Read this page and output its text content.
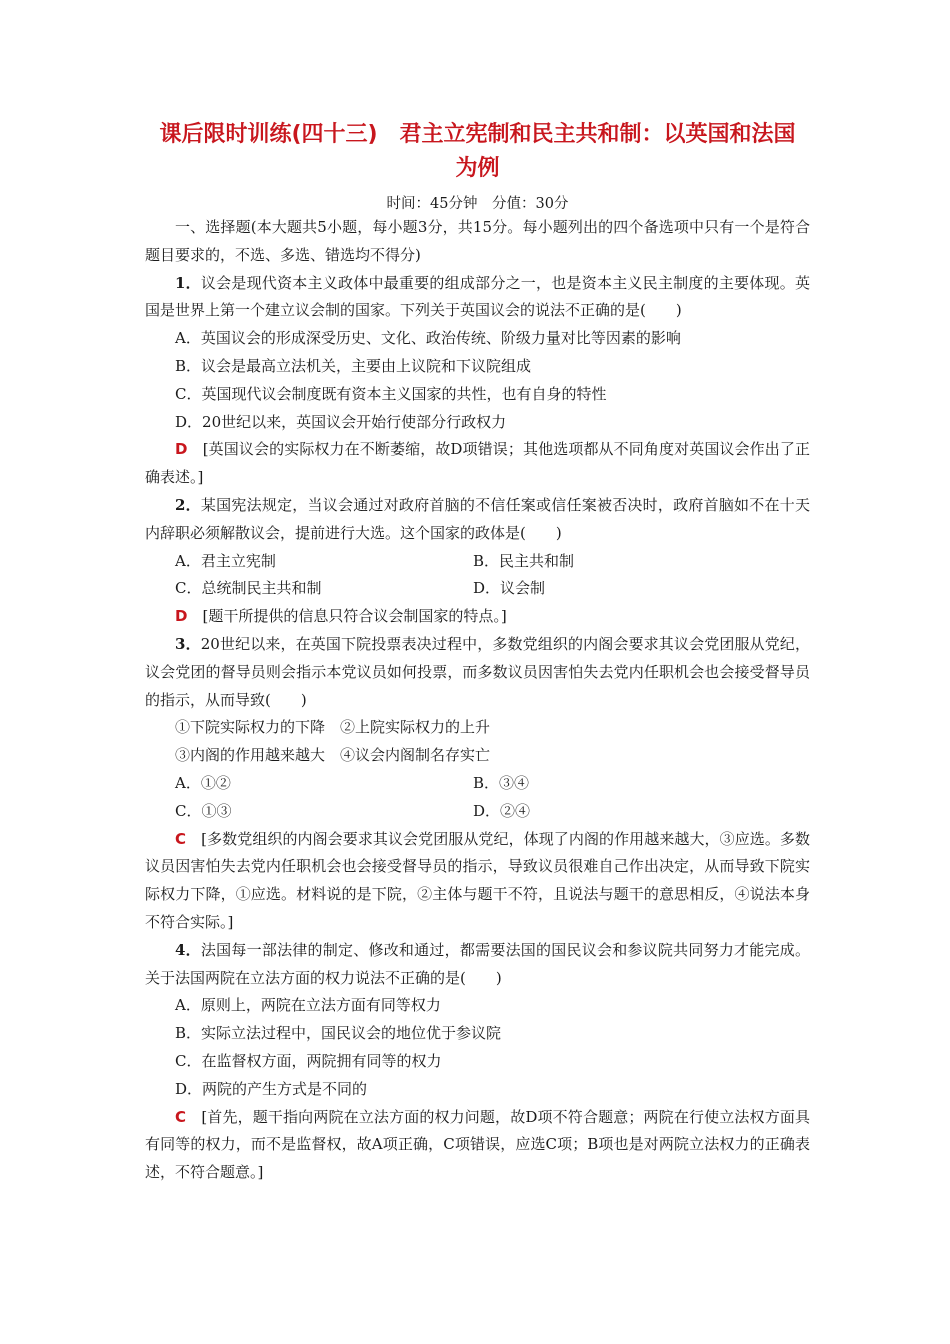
课后限时训练(四十三)　君主立宪制和民主共和制：以英国和法国
为例
时间：45分钟　分值：30分

一、选择题(本大题共5小题，每小题3分，共15分。每小题列出的四个备选项中只有一个是符合题目要求的，不选、多选、错选均不得分)

1．议会是现代资本主义政体中最重要的组成部分之一，也是资本主义民主制度的主要体现。英国是世界上第一个建立议会制的国家。下列关于英国议会的说法不正确的是(　　)

A．英国议会的形成深受历史、文化、政治传统、阶级力量对比等因素的影响

B．议会是最高立法机关，主要由上议院和下议院组成

C．英国现代议会制度既有资本主义国家的共性，也有自身的特性

D．20世纪以来，英国议会开始行使部分行政权力

D　 [英国议会的实际权力在不断萎缩，故D项错误；其他选项都从不同角度对英国议会作出了正确表述。]

2．某国宪法规定，当议会通过对政府首脑的不信任案或信任案被否决时，政府首脑如不在十天内辞职必须解散议会，提前进行大选。这个国家的政体是(　　)

A．君主立宪制	B．民主共和制
C．总统制民主共和制	D．议会制

D　 [题干所提供的信息只符合议会制国家的特点。]

3．20世纪以来，在英国下院投票表决过程中，多数党组织的内阁会要求其议会党团服从党纪，议会党团的督导员则会指示本党议员如何投票，而多数议员因害怕失去党内任职机会也会接受督导员的指示，从而导致(　　)

①下院实际权力的下降　②上院实际权力的上升

③内阁的作用越来越大　④议会内阁制名存实亡

A．①②	B．③④
C．①③	D．②④

C　 [多数党组织的内阁会要求其议会党团服从党纪，体现了内阁的作用越来越大，③应选。多数议员因害怕失去党内任职机会也会接受督导员的指示，导致议员很难自己作出决定，从而导致下院实际权力下降，①应选。材料说的是下院，②主体与题干不符，且说法与题干的意思相反，④说法本身不符合实际。]

4．法国每一部法律的制定、修改和通过，都需要法国的国民议会和参议院共同努力才能完成。关于法国两院在立法方面的权力说法不正确的是(　　)

A．原则上，两院在立法方面有同等权力

B．实际立法过程中，国民议会的地位优于参议院

C．在监督权方面，两院拥有同等的权力

D．两院的产生方式是不同的

C　 [首先，题干指向两院在立法方面的权力问题，故D项不符合题意；两院在行使立法权方面具有同等的权力，而不是监督权，故A项正确，C项错误，应选C项；B项也是对两院立法权力的正确表述，不符合题意。]
